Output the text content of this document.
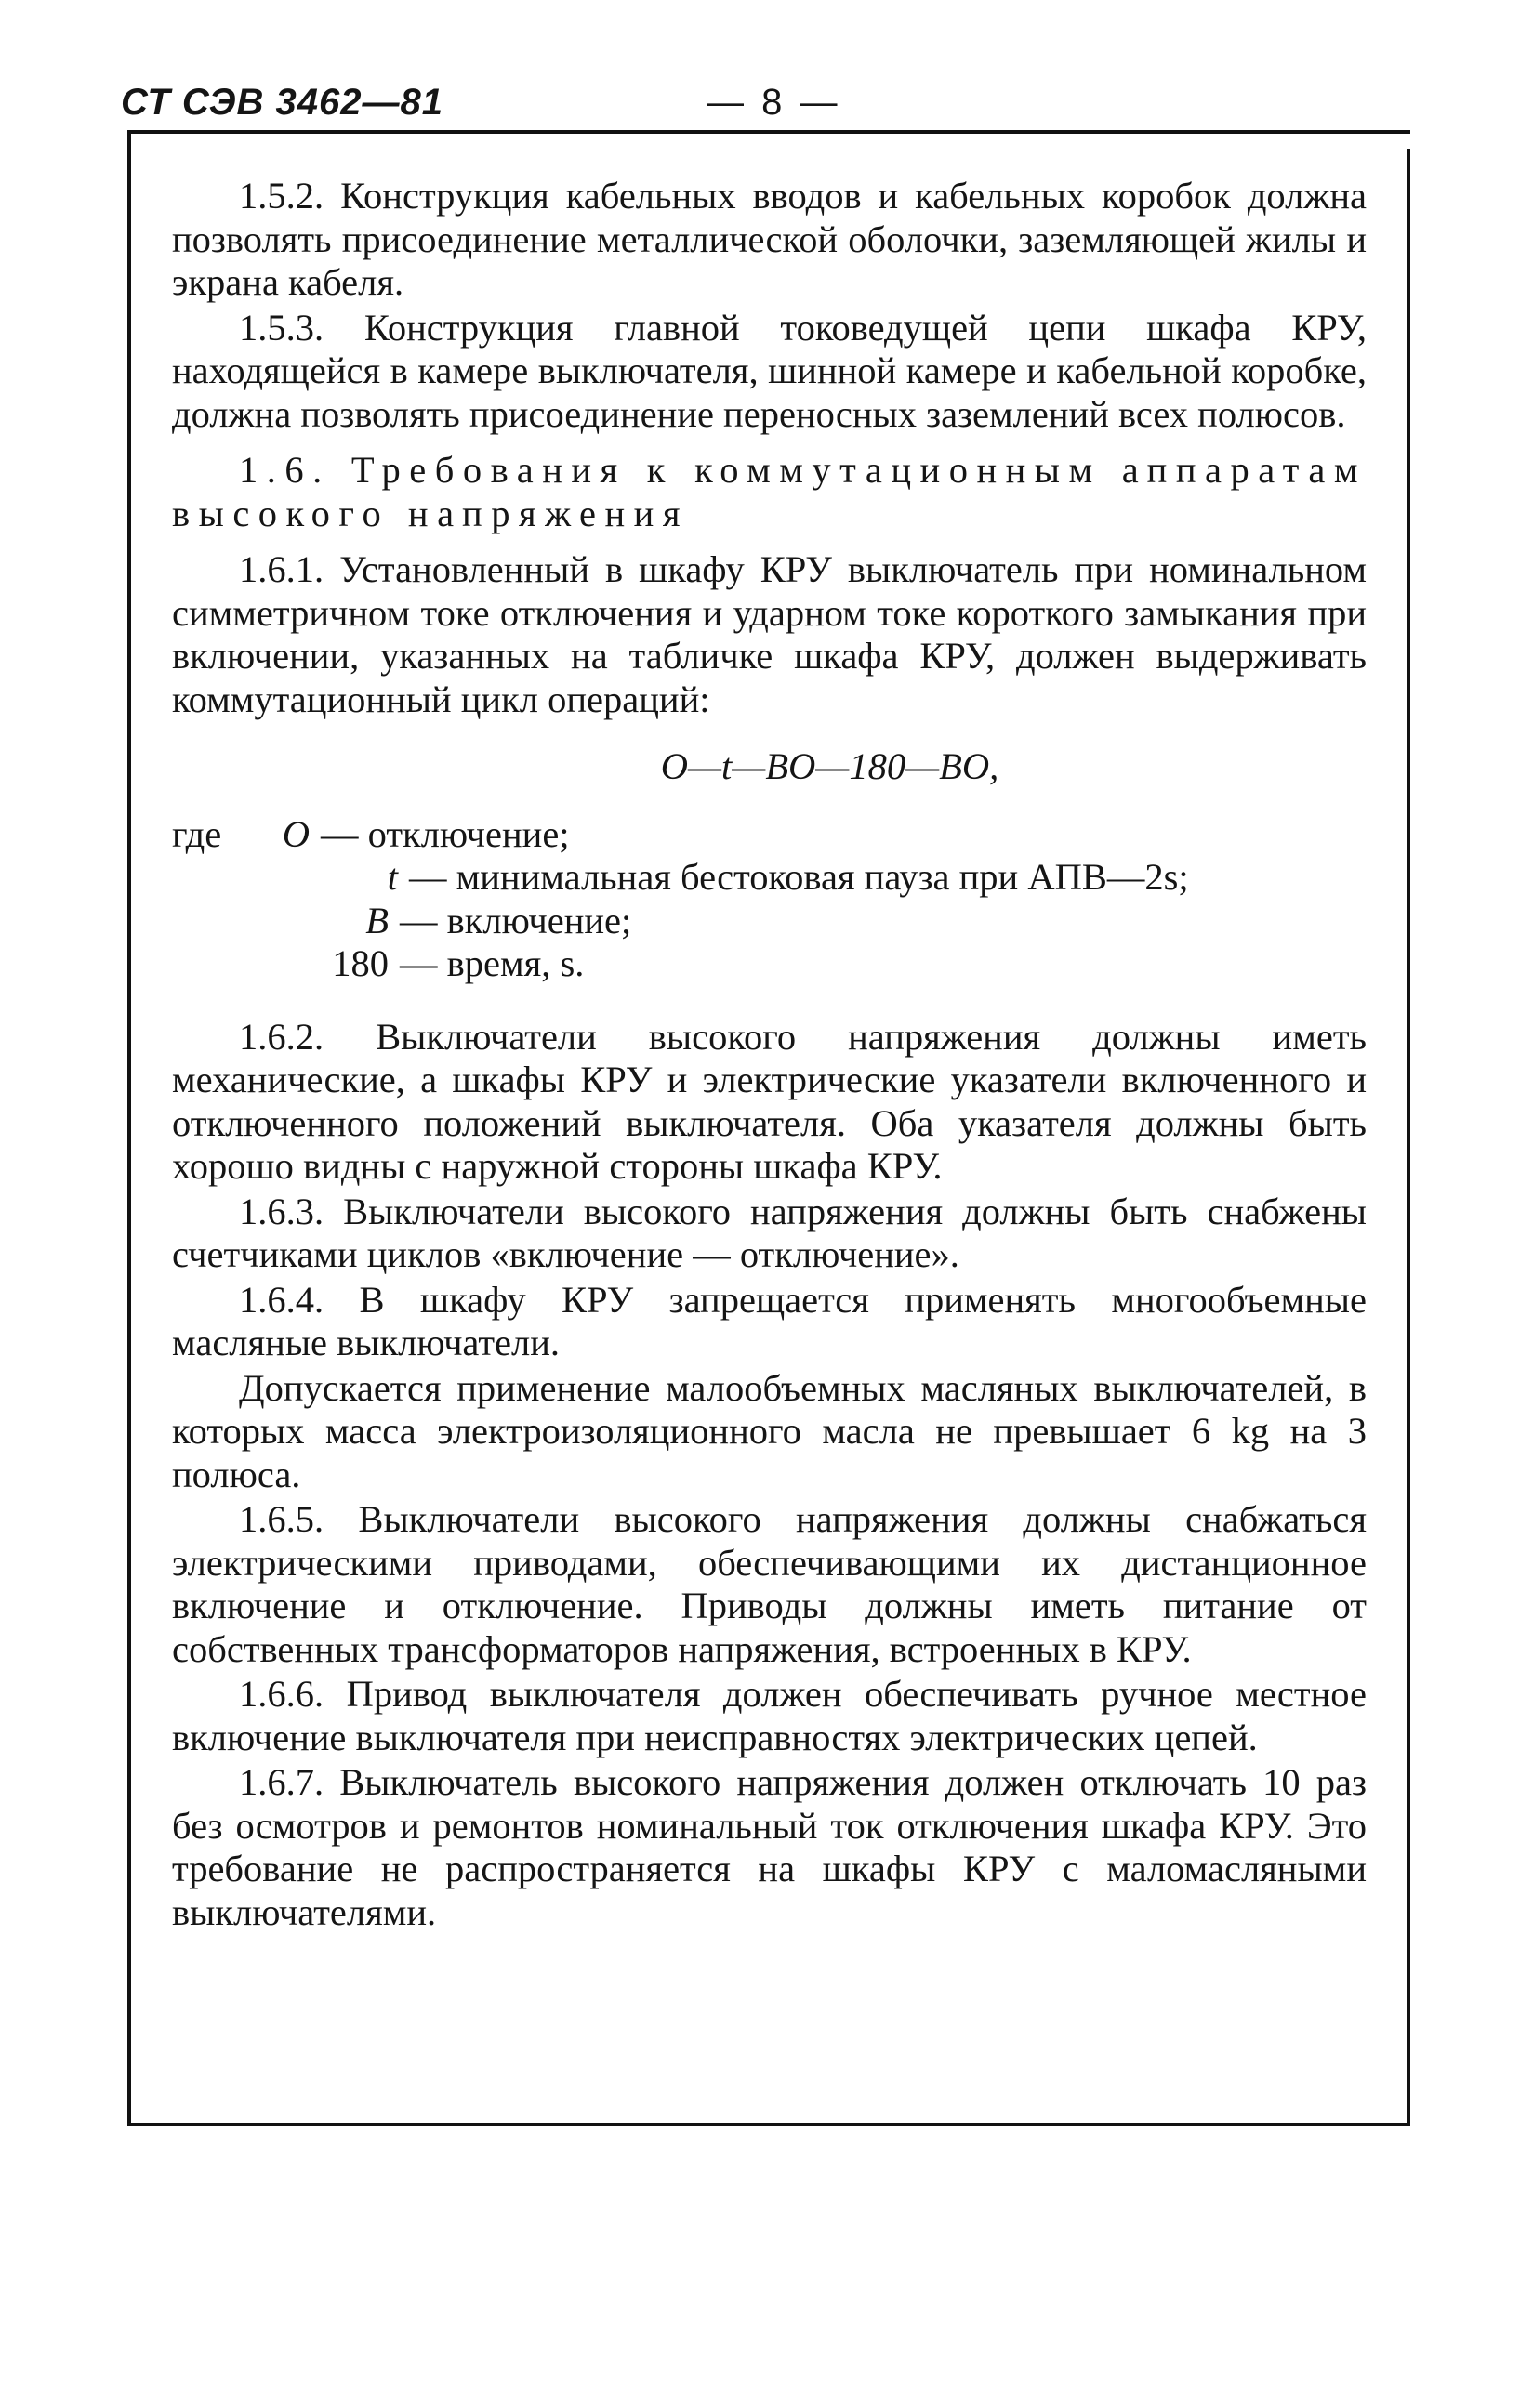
СТ СЭВ 3462—81	— 8 —

1.5.2. Конструкция кабельных вводов и кабельных коробок должна позволять присоединение металлической оболочки, заземляющей жилы и экрана кабеля.

1.5.3. Конструкция главной токоведущей цепи шкафа КРУ, находящейся в камере выключателя, шинной камере и кабельной коробке, должна позволять присоединение переносных заземлений всех полюсов.

1.6. Требования к коммутационным аппаратам высокого напряжения

1.6.1. Установленный в шкафу КРУ выключатель при номинальном симметричном токе отключения и ударном токе короткого замыкания при включении, указанных на табличке шкафа КРУ, должен выдерживать коммутационный цикл операций:

O—t—BO—180—BO,
где	O — отключение;
t — минимальная бестоковая пауза при АПВ—2s;
B — включение;
180 — время, s.

1.6.2. Выключатели высокого напряжения должны иметь механические, а шкафы КРУ и электрические указатели включенного и отключенного положений выключателя. Оба указателя должны быть хорошо видны с наружной стороны шкафа КРУ.

1.6.3. Выключатели высокого напряжения должны быть снабжены счетчиками циклов «включение — отключение».

1.6.4. В шкафу КРУ запрещается применять многообъемные масляные выключатели.

Допускается применение малообъемных масляных выключателей, в которых масса электроизоляционного масла не превышает 6 kg на 3 полюса.

1.6.5. Выключатели высокого напряжения должны снабжаться электрическими приводами, обеспечивающими их дистанционное включение и отключение. Приводы должны иметь питание от собственных трансформаторов напряжения, встроенных в КРУ.

1.6.6. Привод выключателя должен обеспечивать ручное местное включение выключателя при неисправностях электрических цепей.

1.6.7. Выключатель высокого напряжения должен отключать 10 раз без осмотров и ремонтов номинальный ток отключения шкафа КРУ. Это требование не распространяется на шкафы КРУ с маломасляными выключателями.
